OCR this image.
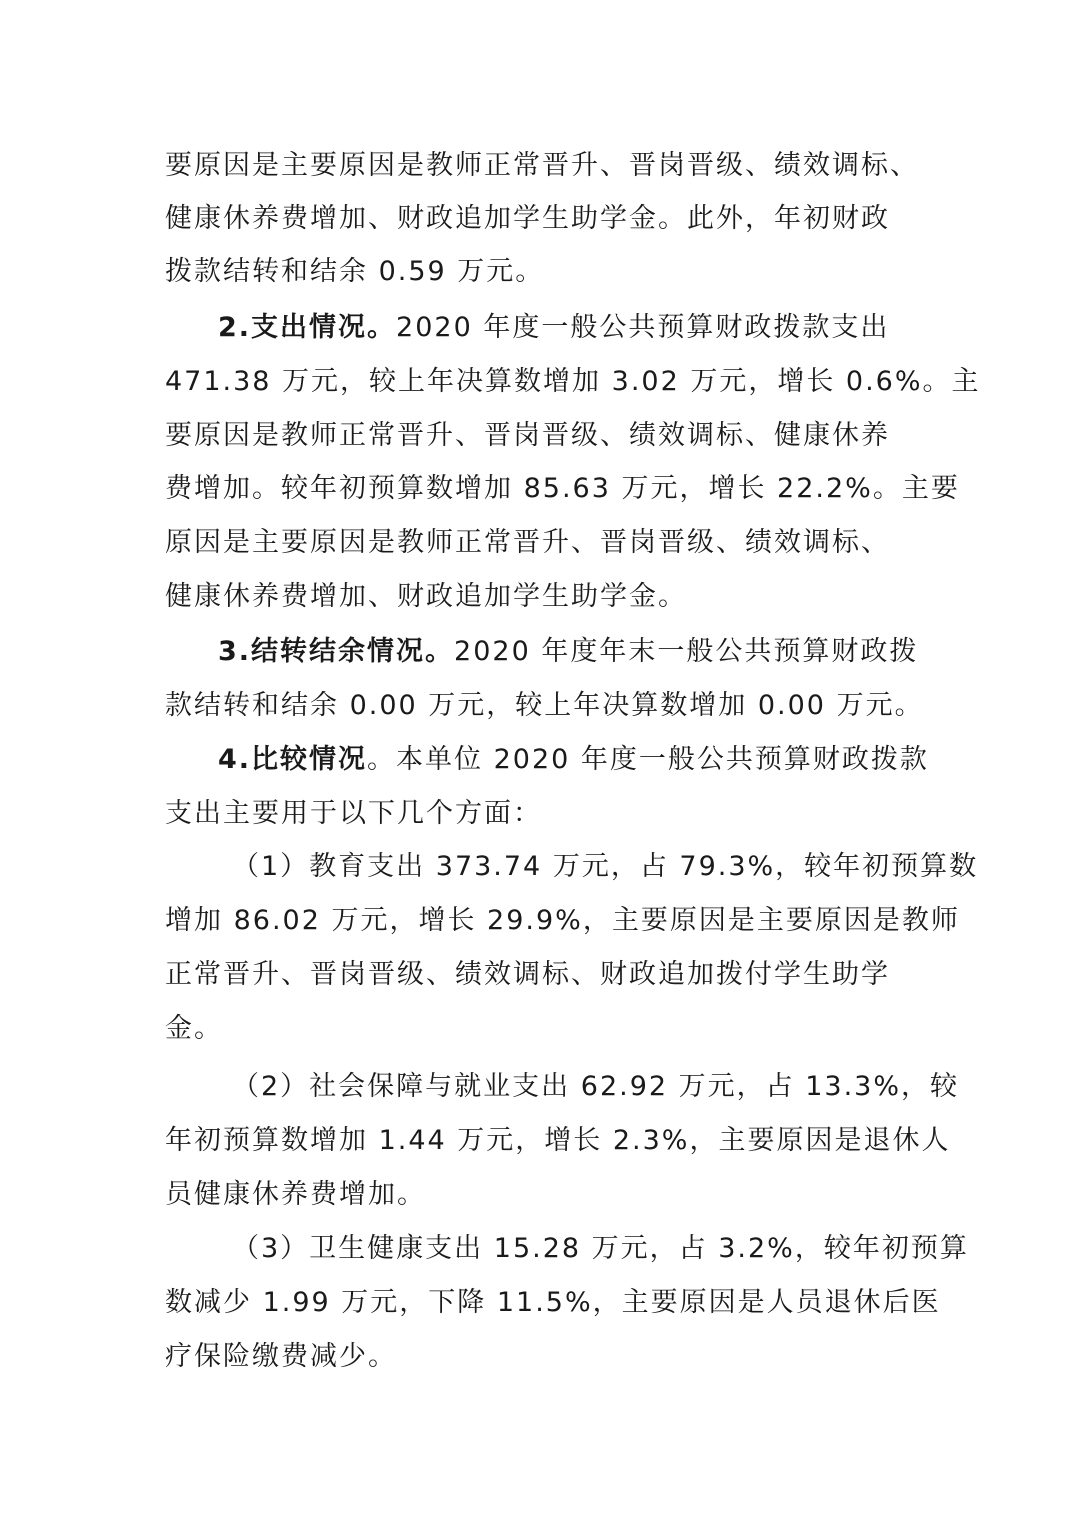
要原因是主要原因是教师正常晋升、晋岗晋级、绩效调标、
健康休养费增加、财政追加学生助学金。此外，年初财政
拨款结转和结余 0.59 万元。
2.支出情况。2020 年度一般公共预算财政拨款支出
471.38 万元，较上年决算数增加 3.02 万元，增长 0.6%。主
要原因是教师正常晋升、晋岗晋级、绩效调标、健康休养
费增加。较年初预算数增加 85.63 万元，增长 22.2%。主要
原因是主要原因是教师正常晋升、晋岗晋级、绩效调标、
健康休养费增加、财政追加学生助学金。
3.结转结余情况。2020 年度年末一般公共预算财政拨
款结转和结余 0.00 万元，较上年决算数增加 0.00 万元。
4.比较情况。本单位 2020 年度一般公共预算财政拨款
支出主要用于以下几个方面：
（1）教育支出 373.74 万元，占 79.3%，较年初预算数
增加 86.02 万元，增长 29.9%，主要原因是主要原因是教师
正常晋升、晋岗晋级、绩效调标、财政追加拨付学生助学
金。
（2）社会保障与就业支出 62.92 万元，占 13.3%，较
年初预算数增加 1.44 万元，增长 2.3%，主要原因是退休人
员健康休养费增加。
（3）卫生健康支出 15.28 万元，占 3.2%，较年初预算
数减少 1.99 万元，下降 11.5%，主要原因是人员退休后医
疗保险缴费减少。
